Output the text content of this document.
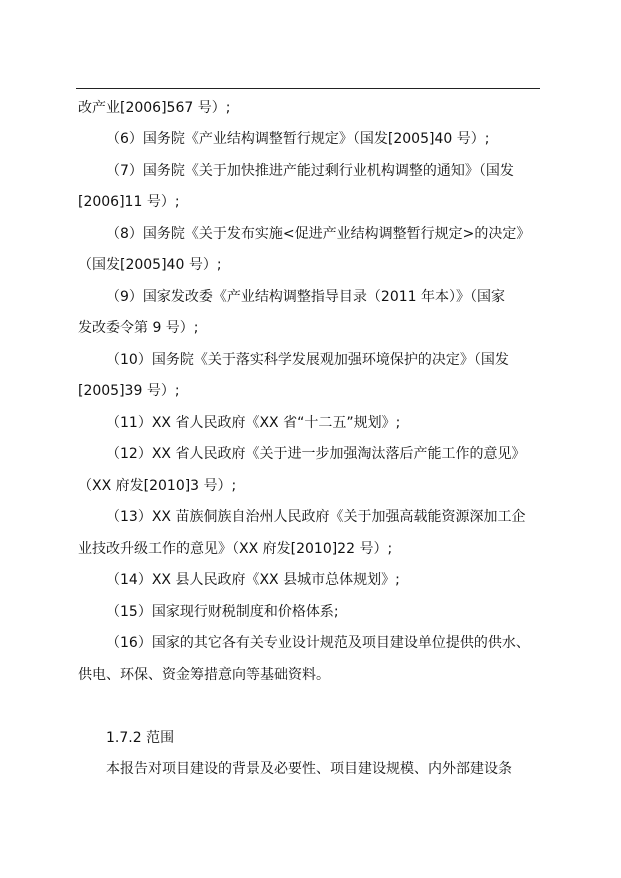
改产业[2006]567 号）;
（6）国务院《产业结构调整暂行规定》（国发[2005]40 号）;
（7）国务院《关于加快推进产能过剩行业机构调整的通知》（国发
[2006]11 号）;
（8）国务院《关于发布实施<促进产业结构调整暂行规定>的决定》
（国发[2005]40 号）;
（9）国家发改委《产业结构调整指导目录（2011 年本）》（国家
发改委令第 9 号）;
（10）国务院《关于落实科学发展观加强环境保护的决定》（国发
[2005]39 号）;
（11）XX 省人民政府《XX 省“十二五”规划》;
（12）XX 省人民政府《关于进一步加强淘汰落后产能工作的意见》
（XX 府发[2010]3 号）;
（13）XX 苗族侗族自治州人民政府《关于加强高载能资源深加工企
业技改升级工作的意见》（XX 府发[2010]22 号）;
（14）XX 县人民政府《XX 县城市总体规划》;
（15）国家现行财税制度和价格体系;
（16）国家的其它各有关专业设计规范及项目建设单位提供的供水、
供电、环保、资金筹措意向等基础资料。
1.7.2 范围
本报告对项目建设的背景及必要性、项目建设规模、内外部建设条
